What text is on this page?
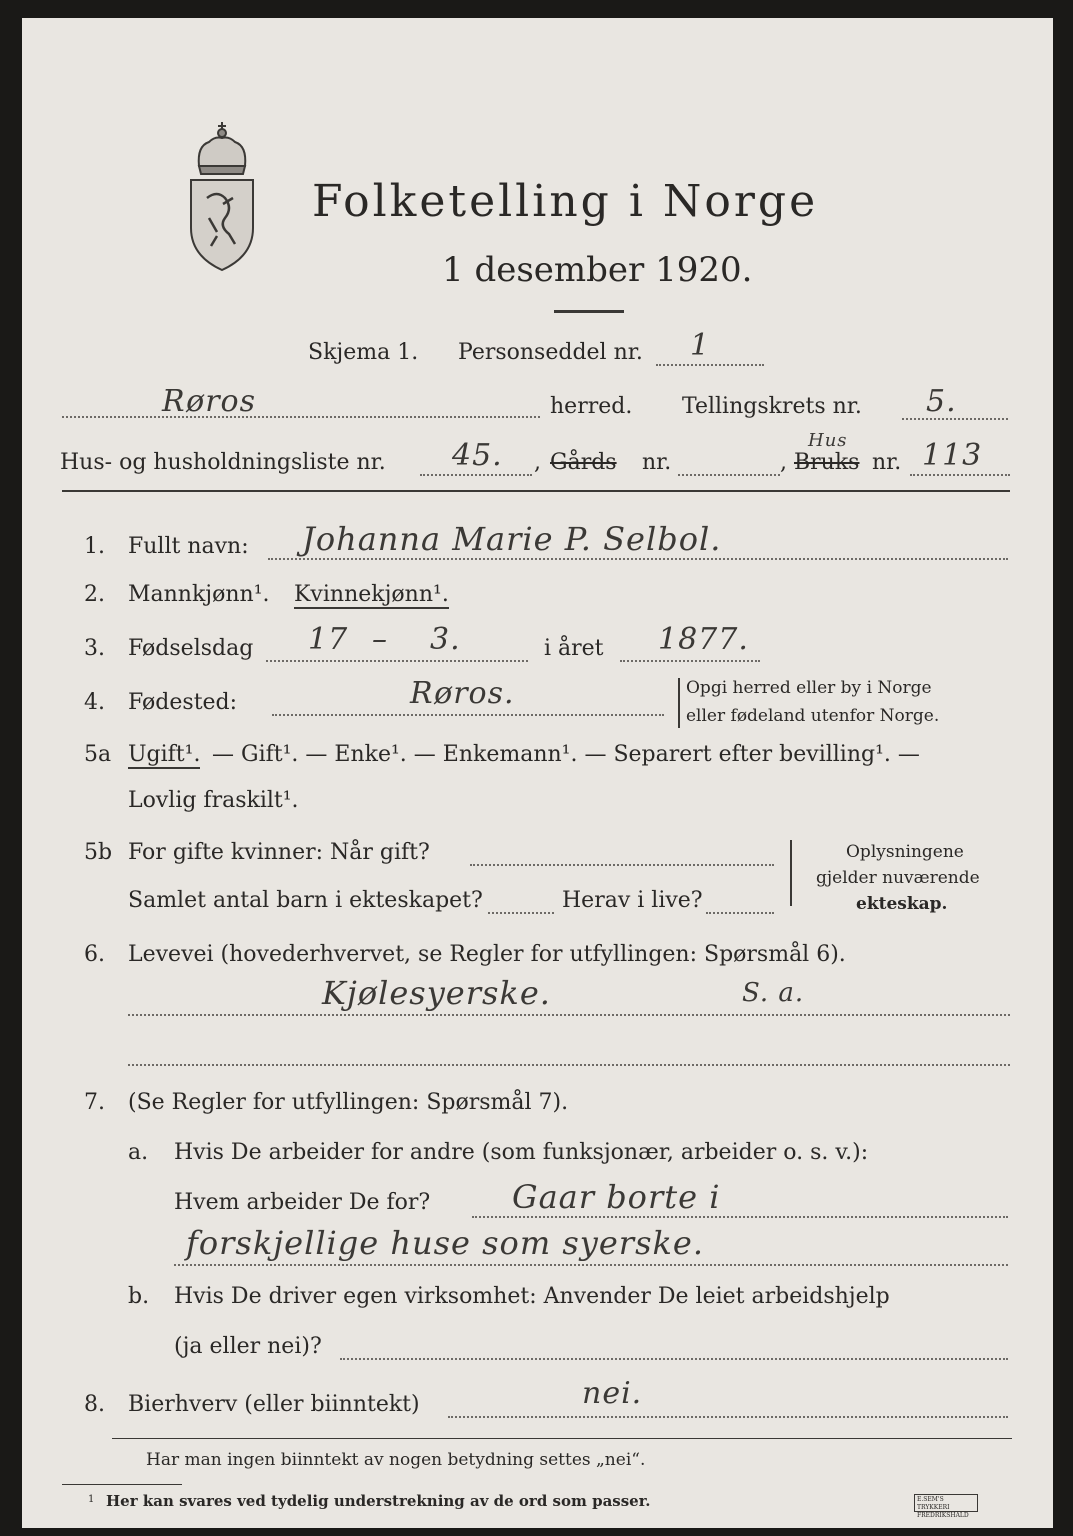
Folketelling i Norge
1 desember 1920.
Skjema 1. Personseddel nr. 1
Røros	herred. Tellingskrets nr. 5.
Hus- og husholdningsliste nr. 45. , Gårds nr.	,
Hus
Bruks nr. 113
1. Fullt navn: Johanna Marie P. Selbol.
2. Mannkjønn¹. Kvinnekjønn¹.
3. Fødselsdag 17 – 3.	i året 1877.
4. Fødested:	Røros.	Opgi herred eller by i Norge
eller fødeland utenfor Norge.
5a Ugift¹. — Gift¹. — Enke¹. — Enkemann¹. — Separert efter bevilling¹. —
Lovlig fraskilt¹.
5b For gifte kvinner: Når gift?
Samlet antal barn i ekteskapet?	Herav i live?
Oplysningene
gjelder nuværende
ekteskap.
6. Levevei (hovederhvervet, se Regler for utfyllingen: Spørsmål 6).
Kjølesyerske.	S. a.
7. (Se Regler for utfyllingen: Spørsmål 7).
a. Hvis De arbeider for andre (som funksjonær, arbeider o. s. v.):
Hvem arbeider De for?	Gaar borte i
forskjellige huse som syerske.
b. Hvis De driver egen virksomhet: Anvender De leiet arbeidshjelp
(ja eller nei)?
8. Bierhverv (eller biinntekt)	nei.
Har man ingen biinntekt av nogen betydning settes „nei“.
1 Her kan svares ved tydelig understrekning av de ord som passer.	E.SEM'S TRYKKERI FREDRIKSHALD
